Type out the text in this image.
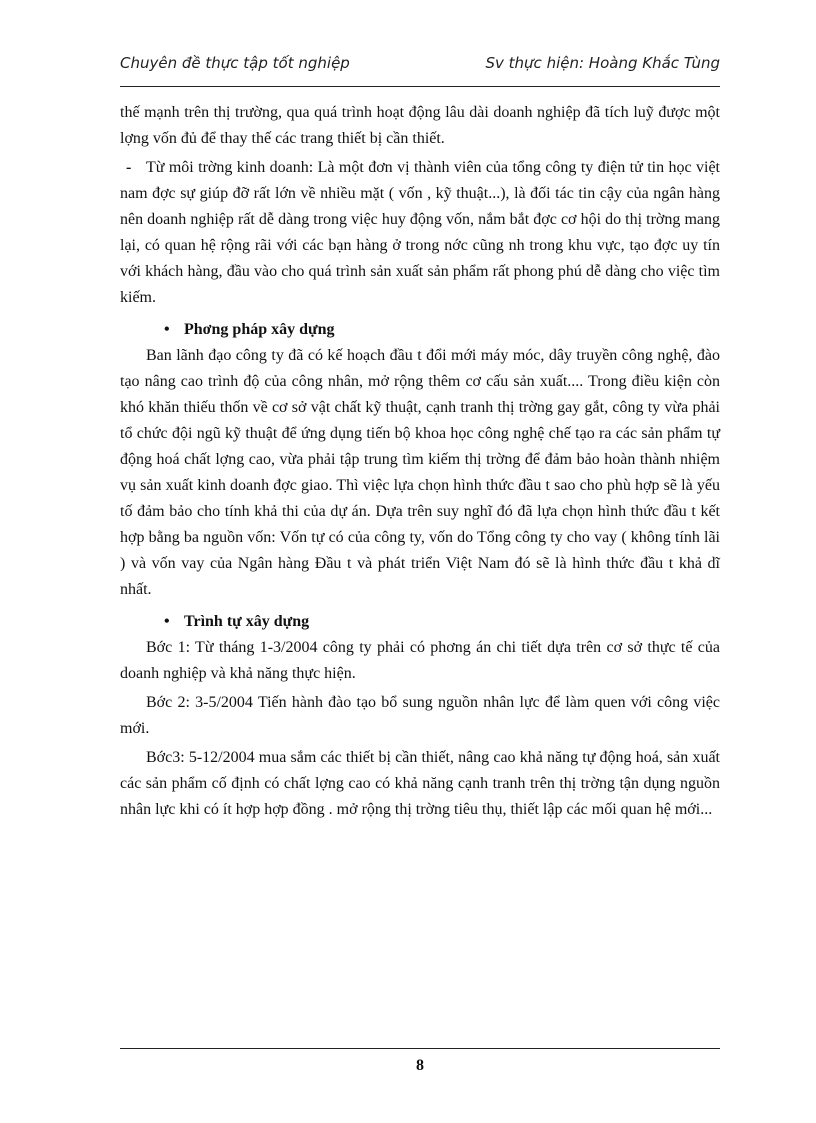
Chuyên đề thực tập tốt nghiệp	Sv thực hiện: Hoàng Khắc Tùng

thế mạnh trên thị trường, qua quá trình hoạt động lâu dài doanh nghiệp đã tích luỹ được một lợng vốn đủ để thay thế các trang thiết bị cần thiết.

- Từ môi trờng kinh doanh: Là một đơn vị thành viên của tổng công ty điện tử tin học việt nam đợc sự giúp đỡ rất lớn về nhiều mặt ( vốn , kỹ thuật...), là đối tác tin cậy của ngân hàng nên doanh nghiệp rất dễ dàng trong việc huy động vốn, nắm bắt đợc cơ hội do thị trờng mang lại, có quan hệ rộng rãi với các bạn hàng ở trong nớc cũng nh trong khu vực, tạo đợc uy tín với khách hàng, đầu vào cho quá trình sản xuất sản phẩm rất phong phú dễ dàng cho việc tìm kiếm.

• Phơng pháp xây dựng

Ban lãnh đạo công ty đã có kế hoạch đầu t đổi mới máy móc, dây truyền công nghệ, đào tạo nâng cao trình độ của công nhân, mở rộng thêm cơ cấu sản xuất.... Trong điều kiện còn khó khăn thiếu thốn về cơ sở vật chất kỹ thuật, cạnh tranh thị trờng gay gắt, công ty vừa phải tổ chức đội ngũ kỹ thuật để ứng dụng tiến bộ khoa học công nghệ chế tạo ra các sản phẩm tự động hoá chất lợng cao, vừa phải tập trung tìm kiếm thị trờng để đảm bảo hoàn thành nhiệm vụ sản xuất kinh doanh đợc giao. Thì việc lựa chọn hình thức đầu t sao cho phù hợp sẽ là yếu tố đảm bảo cho tính khả thi của dự án. Dựa trên suy nghĩ đó đã lựa chọn hình thức đầu t kết hợp bằng ba nguồn vốn: Vốn tự có của công ty, vốn do Tổng công ty cho vay ( không tính lãi ) và vốn vay của Ngân hàng Đầu t và phát triển Việt Nam đó sẽ là hình thức đầu t khả dĩ nhất.

• Trình tự xây dựng

Bớc 1: Từ tháng 1-3/2004 công ty phải có phơng án chi tiết dựa trên cơ sở thực tế của doanh nghiệp và khả năng thực hiện.

Bớc 2: 3-5/2004 Tiến hành đào tạo bổ sung nguồn nhân lực để làm quen với công việc mới.

Bớc3: 5-12/2004 mua sắm các thiết bị cần thiết, nâng cao khả năng tự động hoá, sản xuất các sản phẩm cố định có chất lợng cao có khả năng cạnh tranh trên thị trờng tận dụng nguồn nhân lực khi có ít hợp hợp đồng . mở rộng thị trờng tiêu thụ, thiết lập các mối quan hệ mới...

8
